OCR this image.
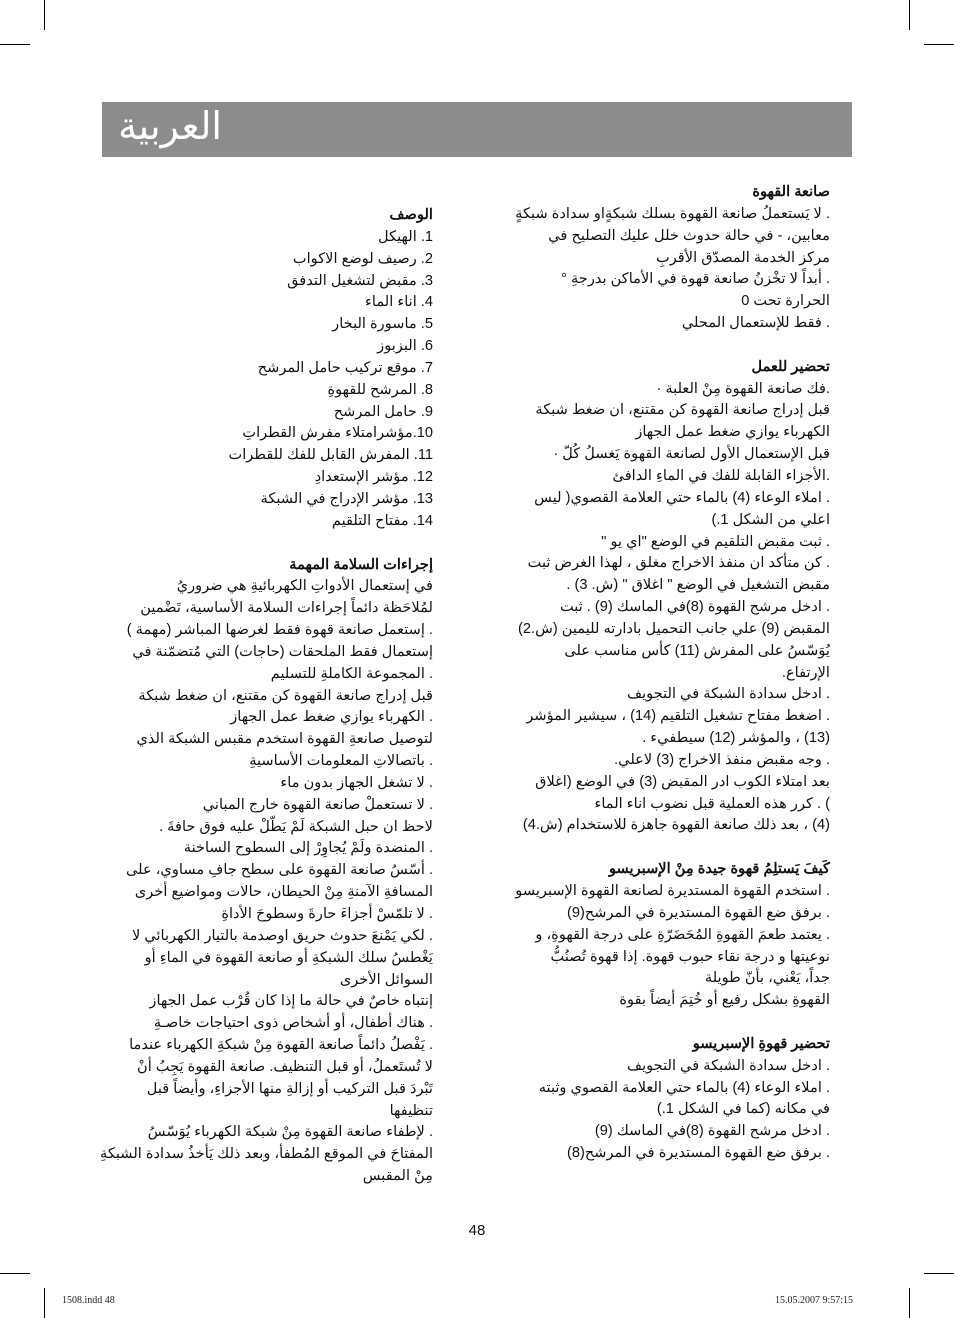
العربية
صانعة القهوة
. لا يَستعملُ صانعة القهوة بسلك شبكةٍاو سدادة شبكةٍ
معابين، - في حالة حدوث خلل عليك التصليح في
مركز الخدمة المصدّق الأقربِ
. أبداً لا تخْزنُ صانعة قهوة في الأماكن بدرجةِ °
الحرارة تحت 0
. فقط للإستعمال المحلي
تحضير للعمل
.فك صانعة القهوة مِنْ العلبة ·
قبل إدراج صانعة القهوة كن مقتنع، ان ضغط شبكة
الكهرباء يوازي ضغط عمل الجهاز
قبل الإستعمال الأول لصانعة القهوة يَغسلُ كُلّ ·
.الأجزاء القابلة للفك في الماءِ الدافئ
. املاء الوعاء (4) بالماء حتي العلامة القصوي( ليس
اعلي من الشكل 1.)
. ثبت مقبض التلقيم في الوضع "اي يو "
. كن متأكد ان منفذ الاخراج مغلق ، لهذا الغرض ثبت
مقبض التشغيل في الوضع " اغلاق " (ش. 3) .
. ادخل مرشح القهوة (8)في الماسك (9) . ثبت
المقبض (9) علي جانب التحميل بادارته لليمين (ش.2)
يُوَسّسُ على المفرش (11) كأس مناسب على
الإرتفاع.
. ادخل سدادة الشبكة في التجويف
. اضغط مفتاح تشغيل التلقيم (14) ، سيشير المؤشر
(13) ، والمؤشر (12) سيطفيء .
. وجه مقبض منفذ الاخراج (3) لاعلي.
بعد امتلاء الكوب ادر المقبض (3) في الوضع (اغلاق
) . كرر هذه العملية قبل نضوب اناء الماء
(4) ، بعد ذلك صانعة القهوة جاهزة للاستخدام (ش.4)
كَيفَ يَستلِمُ قهوة جيدة مِنْ الإسبريسو
. استخدم القهوة المستديرة لصانعة القهوة الإسبريسو
. برفق ضع القهوة المستديرة في المرشح(9)
. يعتمد طعمَ القهوةِ المُحَضَرّةِ على درجة القهوةِ، و
نوعيتها و درجة نقاء حبوب قهوة. إذا قهوة تُصنُبُّ
جداً، يَعْني، بأنّ طويلة
القهوةِ بشكل رفيع أو خُتِمَ أيضاً بقوة
تحضير قهوةِ الإسبريسو
. ادخل سدادة الشبكة في التجويف
. املاء الوعاء (4) بالماء حتي العلامة القصوي وثبته
في مكانه (كما في الشكل 1.)
. ادخل مرشح القهوة (8)في الماسك (9)
. برفق ضع القهوة المستديرة في المرشح(8)
الوصف
1. الهيكل
2. رصيف لوضع الاكواب
3. مقبض لتشغيل التدفق
4. اناء الماء
5. ماسورة البخار
6. البزبوز
7. موقع تركيب حامل المرشح
8. المرشح للقهوةِ
9. حامل المرشح
10.مؤشرامتلاء مفرش القطراتِ
11. المفرش القابل للفك للقطرات
12. مؤشر الإستعدادِ
13. مؤشر الإدراج في الشبكة
14. مفتاح التلقيم
إجراءات السلامة المهمة
في إستعمال الأدواتِ الكهربائيةِ هي ضروريُ
لمُلاحَظة دائماً إجراءات السلامة الأساسية، تَضْمين
. إستعمل صانعة قهوة فقط لغرضها المباشر (مهمة )
إستعمال فقط الملحقات (حاجات) التي مُتضمّنة في
. المجموعة الكاملةِ للتسليم
قبل إدراج صانعة القهوة كن مقتنع، ان ضغط شبكة
. الكهرباء يوازي ضغط عمل الجهاز
لتوصيل صانعةِ القهوة استخدم مقبس الشبكة الذي
. باتصالاتِ المعلومات الأساسيةِ
. لا تشغل الجهاز بدون ماء
. لا تستعملْ صانعة القهوة خارج المباني
لاحظ ان حبل الشبكة لَمْ يَطّلْ عليه فوق حافةَ .
. المنضدة ولَمْ يُجاوِرْ إلى السطوح الساخنة
. أسّسُ صانعة القهوة على سطح جافِ مساوي، على
المسافةِ الآمنةِ مِنْ الحيطان، حالات ومواضيع أخرى
. لا تلمّسْ أجزاءَ حارةَ وسطوحَ الأداةِ
. لكي يَمْنعَ حدوث حريق اوصدمة بالتيار الكهربائي لا
يَغْطسُ سلك الشبكةِ أو صانعة القهوة في الماءِ أو
السوائل الأخرى
إنتباه خاصٌ في حالة ما إذا كان قُرْب عمل الجهاز
. هناك أطفال، أو أشخاص ذوى احتياجات خاصـةِ
. يَفْصلُ دائماً صانعة القهوة مِنْ شبكةِ الكهرباء عندما
لا تُستَعملُ، أو قبل التنظيف. صانعة القهوة يَجِبُ أنْ
تَبْردَ قبل التركيب أو إزالةِ منها الأجزاءِ، وأيضاً قبل
تنظيفها
. لإطفاء صانعة القهوة مِنْ شبكة الكهرباء يُوَسّسُ
المفتاحَ في الموقع المُطفأ، وبعد ذلك يَأخذُ سدادة الشبكةِ
مِنْ المقبس
48
1508.indd 48	15.05.2007 9:57:15
